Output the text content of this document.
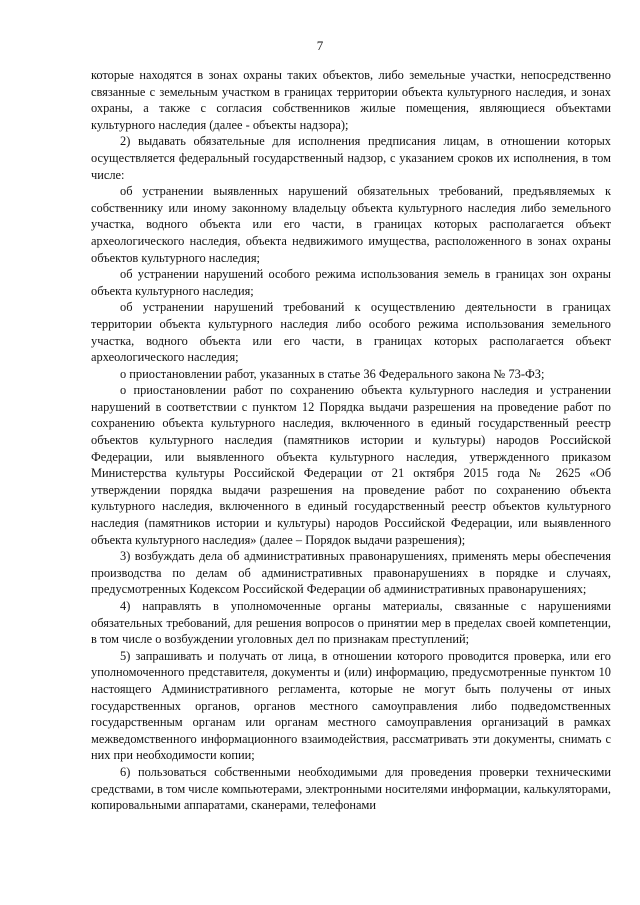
7

которые находятся в зонах охраны таких объектов, либо земельные участки, непосредственно связанные с земельным участком в границах территории объекта культурного наследия, и зонах охраны, а также с согласия собственников жилые помещения, являющиеся объектами культурного наследия (далее - объекты надзора);

2) выдавать обязательные для исполнения предписания лицам, в отношении которых осуществляется федеральный государственный надзор, с указанием сроков их исполнения, в том числе:

об устранении выявленных нарушений обязательных требований, предъявляемых к собственнику или иному законному владельцу объекта культурного наследия либо земельного участка, водного объекта или его части, в границах которых располагается объект археологического наследия, объекта недвижимого имущества, расположенного в зонах охраны объектов культурного наследия;

об устранении нарушений особого режима использования земель в границах зон охраны объекта культурного наследия;

об устранении нарушений требований к осуществлению деятельности в границах территории объекта культурного наследия либо особого режима использования земельного участка, водного объекта или его части, в границах которых располагается объект археологического наследия;

о приостановлении работ, указанных в статье 36 Федерального закона № 73-ФЗ;

о приостановлении работ по сохранению объекта культурного наследия и устранении нарушений в соответствии с пунктом 12 Порядка выдачи разрешения на проведение работ по сохранению объекта культурного наследия, включенного в единый государственный реестр объектов культурного наследия (памятников истории и культуры) народов Российской Федерации, или выявленного объекта культурного наследия, утвержденного приказом Министерства культуры Российской Федерации от 21 октября 2015 года № 2625 «Об утверждении порядка выдачи разрешения на проведение работ по сохранению объекта культурного наследия, включенного в единый государственный реестр объектов культурного наследия (памятников истории и культуры) народов Российской Федерации, или выявленного объекта культурного наследия» (далее – Порядок выдачи разрешения);

3) возбуждать дела об административных правонарушениях, применять меры обеспечения производства по делам об административных правонарушениях в порядке и случаях, предусмотренных Кодексом Российской Федерации об административных правонарушениях;

4) направлять в уполномоченные органы материалы, связанные с нарушениями обязательных требований, для решения вопросов о принятии мер в пределах своей компетенции, в том числе о возбуждении уголовных дел по признакам преступлений;

5) запрашивать и получать от лица, в отношении которого проводится проверка, или его уполномоченного представителя, документы и (или) информацию, предусмотренные пунктом 10 настоящего Административного регламента, которые не могут быть получены от иных государственных органов, органов местного самоуправления либо подведомственных государственным органам или органам местного самоуправления организаций в рамках межведомственного информационного взаимодействия, рассматривать эти документы, снимать с них при необходимости копии;

6) пользоваться собственными необходимыми для проведения проверки техническими средствами, в том числе компьютерами, электронными носителями информации, калькуляторами, копировальными аппаратами, сканерами, телефонами
